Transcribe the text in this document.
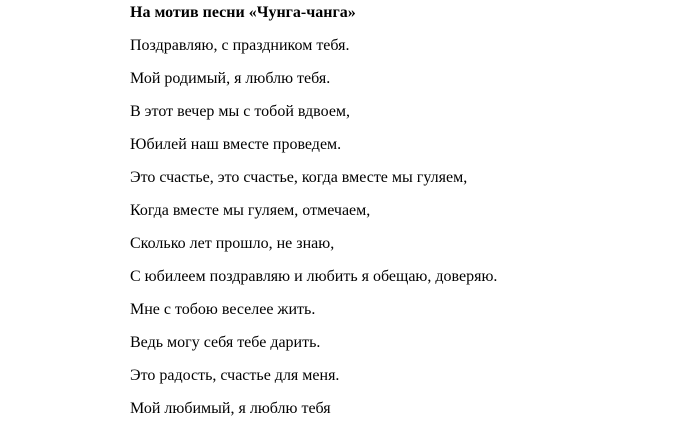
На мотив песни «Чунга-чанга»
Поздравляю, с праздником тебя.
Мой родимый, я люблю тебя.
В этот вечер мы с тобой вдвоем,
Юбилей наш вместе проведем.
Это счастье, это счастье, когда вместе мы гуляем,
Когда вместе мы гуляем, отмечаем,
Сколько лет прошло, не знаю,
С юбилеем поздравляю и любить я обещаю, доверяю.
Мне с тобою веселее жить.
Ведь могу себя тебе дарить.
Это радость, счастье для меня.
Мой любимый, я люблю тебя
